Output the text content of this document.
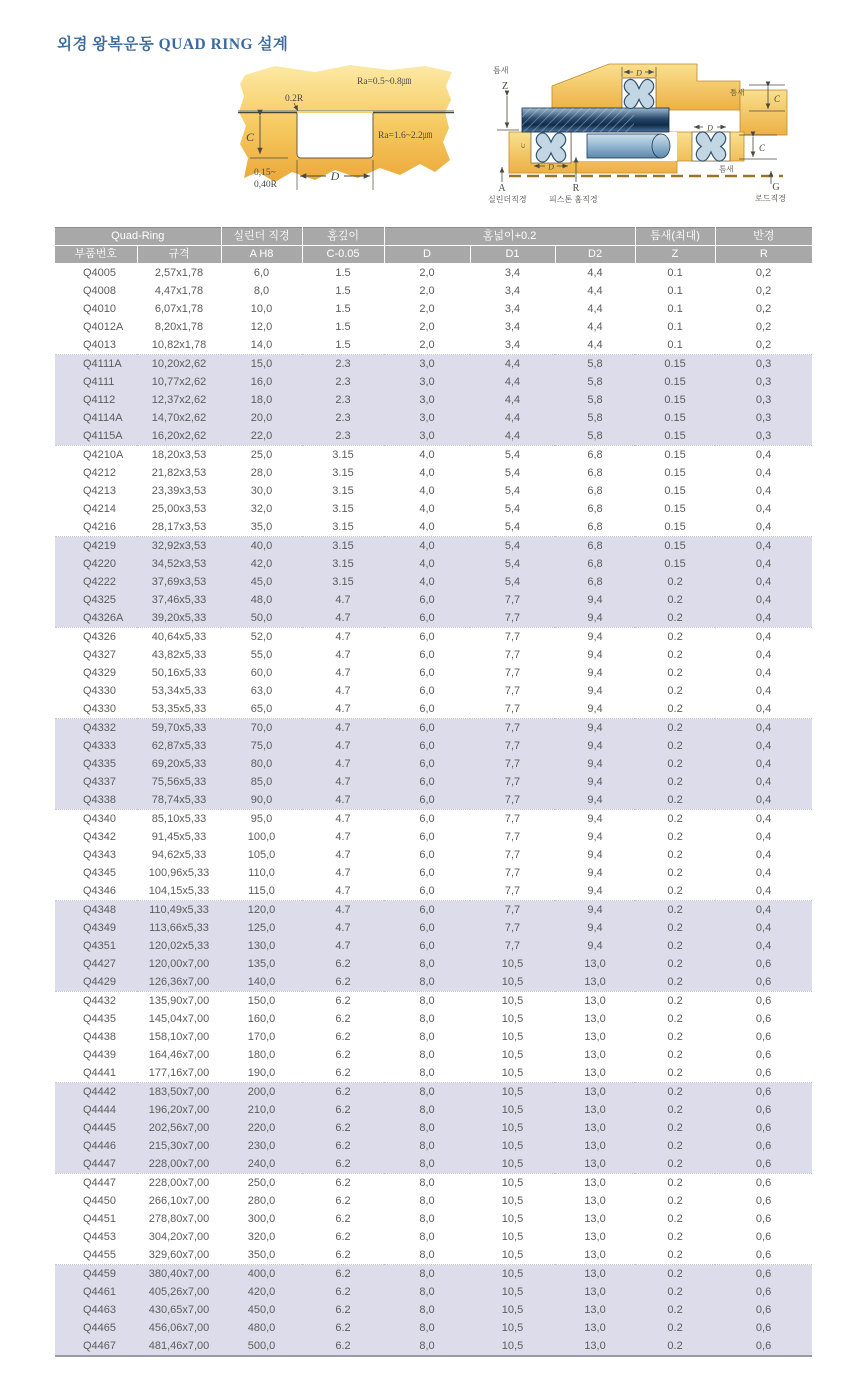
외경 왕복운동 QUAD RING 설계
C
0.2R
Ra=0.5~0.8㎛
Ra=1.6~2.2㎛
0,15~
0,40R
D
틈새
Z
D
틈새
C
D
C
D
C
틈새
G
로드직경
A
실린더직경
R
피스톤 홈직경
Quad-Ring		실린더 직경	홈깊이	홈넓이+0.2			틈새(최대)	반경
부품번호	규격	A H8	C-0.05	D	D1	D2	Z	R
Q4005	2,57x1,78	6,0	1.5	2,0	3,4	4,4	0.1	0,2
Q4008	4,47x1,78	8,0	1.5	2,0	3,4	4,4	0.1	0,2
Q4010	6,07x1,78	10,0	1.5	2,0	3,4	4,4	0.1	0,2
Q4012A	8,20x1,78	12,0	1.5	2,0	3,4	4,4	0.1	0,2
Q4013	10,82x1,78	14,0	1.5	2,0	3,4	4,4	0.1	0,2
Q4111A	10,20x2,62	15,0	2.3	3,0	4,4	5,8	0.15	0,3
Q4111	10,77x2,62	16,0	2.3	3,0	4,4	5,8	0.15	0,3
Q4112	12,37x2,62	18,0	2.3	3,0	4,4	5,8	0.15	0,3
Q4114A	14,70x2,62	20,0	2.3	3,0	4,4	5,8	0.15	0,3
Q4115A	16,20x2,62	22,0	2.3	3,0	4,4	5,8	0.15	0,3
Q4210A	18,20x3,53	25,0	3.15	4,0	5,4	6,8	0.15	0,4
Q4212	21,82x3,53	28,0	3.15	4,0	5,4	6,8	0.15	0,4
Q4213	23,39x3,53	30,0	3.15	4,0	5,4	6,8	0.15	0,4
Q4214	25,00x3,53	32,0	3.15	4,0	5,4	6,8	0.15	0,4
Q4216	28,17x3,53	35,0	3.15	4,0	5,4	6,8	0.15	0,4
Q4219	32,92x3,53	40,0	3.15	4,0	5,4	6,8	0.15	0,4
Q4220	34,52x3,53	42,0	3.15	4,0	5,4	6,8	0.15	0,4
Q4222	37,69x3,53	45,0	3.15	4,0	5,4	6,8	0.2	0,4
Q4325	37,46x5,33	48,0	4.7	6,0	7,7	9,4	0.2	0,4
Q4326A	39,20x5,33	50,0	4.7	6,0	7,7	9,4	0.2	0,4
Q4326	40,64x5,33	52,0	4.7	6,0	7,7	9,4	0.2	0,4
Q4327	43,82x5,33	55,0	4.7	6,0	7,7	9,4	0.2	0,4
Q4329	50,16x5,33	60,0	4.7	6,0	7,7	9,4	0.2	0,4
Q4330	53,34x5,33	63,0	4.7	6,0	7,7	9,4	0.2	0,4
Q4330	53,35x5,33	65,0	4.7	6,0	7,7	9,4	0.2	0,4
Q4332	59,70x5,33	70,0	4.7	6,0	7,7	9,4	0.2	0,4
Q4333	62,87x5,33	75,0	4.7	6,0	7,7	9,4	0.2	0,4
Q4335	69,20x5,33	80,0	4.7	6,0	7,7	9,4	0.2	0,4
Q4337	75,56x5,33	85,0	4.7	6,0	7,7	9,4	0.2	0,4
Q4338	78,74x5,33	90,0	4.7	6,0	7,7	9,4	0.2	0,4
Q4340	85,10x5,33	95,0	4.7	6,0	7,7	9,4	0.2	0,4
Q4342	91,45x5,33	100,0	4.7	6,0	7,7	9,4	0.2	0,4
Q4343	94,62x5,33	105,0	4.7	6,0	7,7	9,4	0.2	0,4
Q4345	100,96x5,33	110,0	4.7	6,0	7,7	9,4	0.2	0,4
Q4346	104,15x5,33	115,0	4.7	6,0	7,7	9,4	0.2	0,4
Q4348	110,49x5,33	120,0	4.7	6,0	7,7	9,4	0.2	0,4
Q4349	113,66x5,33	125,0	4.7	6,0	7,7	9,4	0.2	0,4
Q4351	120,02x5,33	130,0	4.7	6,0	7,7	9,4	0.2	0,4
Q4427	120,00x7,00	135,0	6.2	8,0	10,5	13,0	0.2	0,6
Q4429	126,36x7,00	140,0	6.2	8,0	10,5	13,0	0.2	0,6
Q4432	135,90x7,00	150,0	6.2	8,0	10,5	13,0	0.2	0,6
Q4435	145,04x7,00	160,0	6.2	8,0	10,5	13,0	0.2	0,6
Q4438	158,10x7,00	170,0	6.2	8,0	10,5	13,0	0.2	0,6
Q4439	164,46x7,00	180,0	6.2	8,0	10,5	13,0	0.2	0,6
Q4441	177,16x7,00	190,0	6.2	8,0	10,5	13,0	0.2	0,6
Q4442	183,50x7,00	200,0	6.2	8,0	10,5	13,0	0.2	0,6
Q4444	196,20x7,00	210,0	6.2	8,0	10,5	13,0	0.2	0,6
Q4445	202,56x7,00	220,0	6.2	8,0	10,5	13,0	0.2	0,6
Q4446	215,30x7,00	230,0	6.2	8,0	10,5	13,0	0.2	0,6
Q4447	228,00x7,00	240,0	6.2	8,0	10,5	13,0	0.2	0,6
Q4447	228,00x7,00	250,0	6.2	8,0	10,5	13,0	0.2	0,6
Q4450	266,10x7,00	280,0	6.2	8,0	10,5	13,0	0.2	0,6
Q4451	278,80x7,00	300,0	6.2	8,0	10,5	13,0	0.2	0,6
Q4453	304,20x7,00	320,0	6.2	8,0	10,5	13,0	0.2	0,6
Q4455	329,60x7,00	350,0	6.2	8,0	10,5	13,0	0.2	0,6
Q4459	380,40x7,00	400,0	6.2	8,0	10,5	13,0	0.2	0,6
Q4461	405,26x7,00	420,0	6.2	8,0	10,5	13,0	0.2	0,6
Q4463	430,65x7,00	450,0	6.2	8,0	10,5	13,0	0.2	0,6
Q4465	456,06x7,00	480,0	6.2	8,0	10,5	13,0	0.2	0,6
Q4467	481,46x7,00	500,0	6.2	8,0	10,5	13,0	0.2	0,6
